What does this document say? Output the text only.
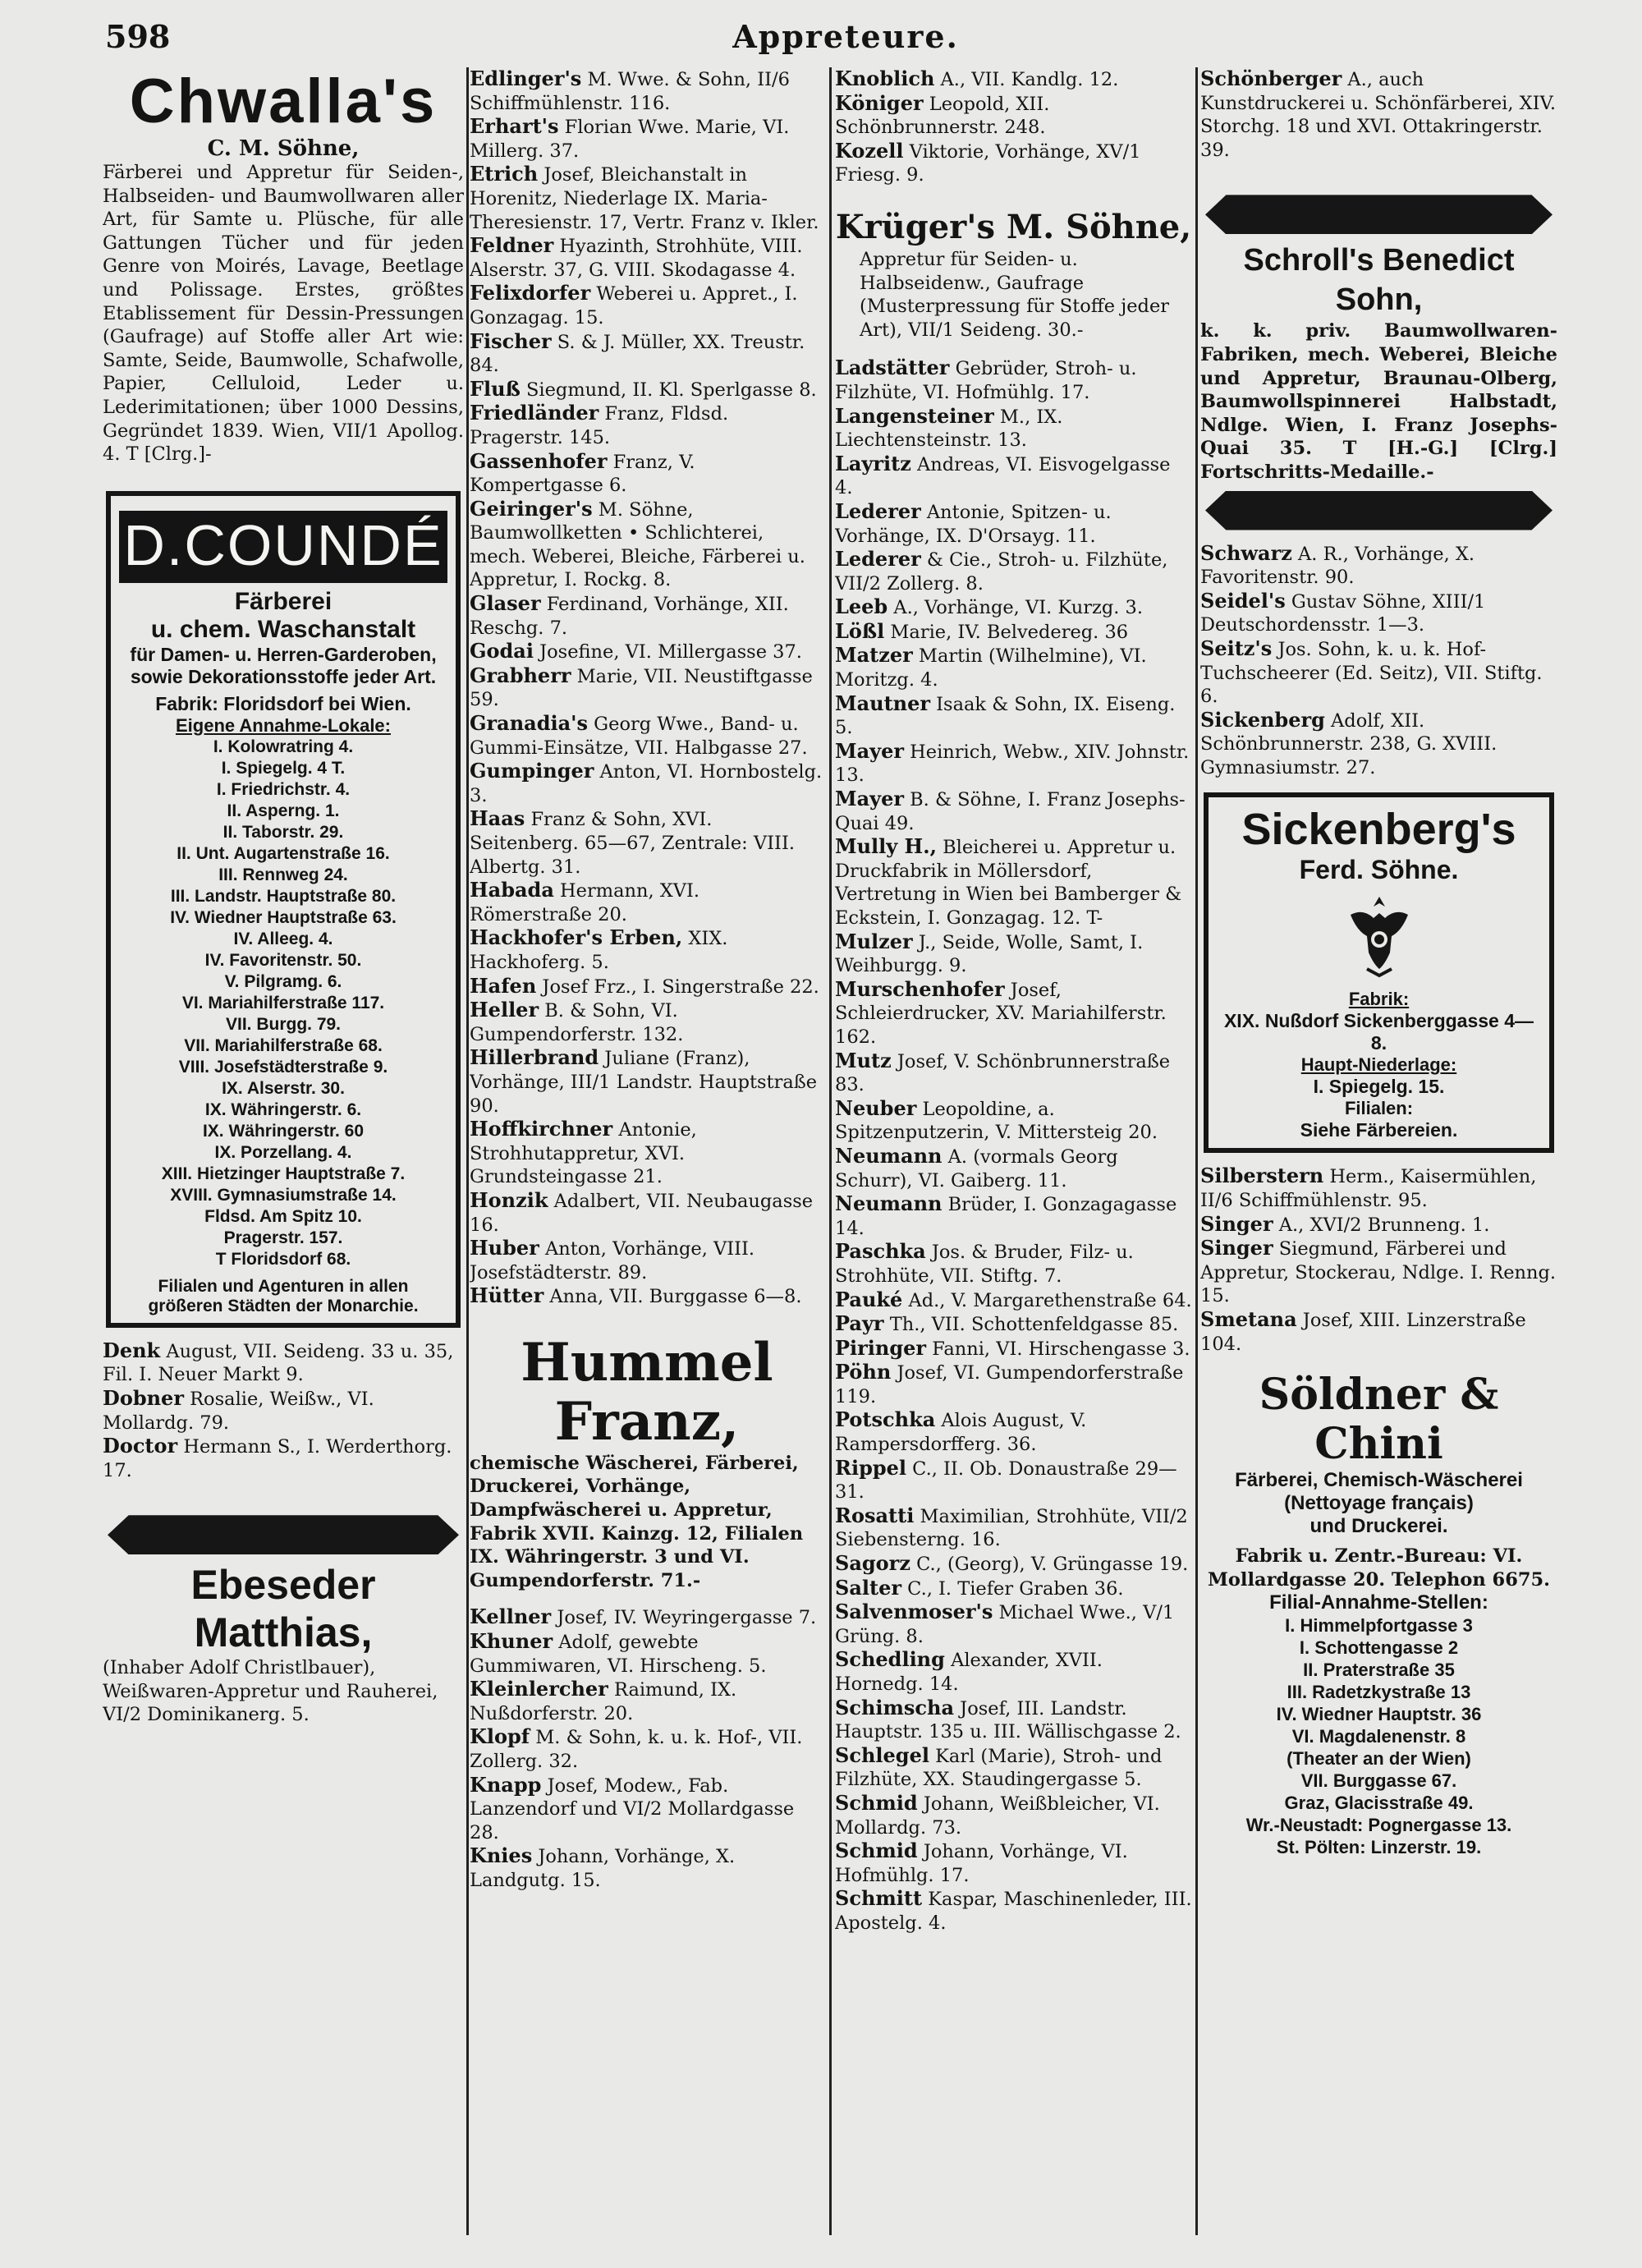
598	Appreteure.
Chwalla's
C. M. Söhne,
Färberei und Appretur für Seiden-, Halbseiden- und Baumwollwaren aller Art, für Samte u. Plüsche, für alle Gattungen Tücher und für jeden Genre von Moirés, Lavage, Beetlage und Polissage. Erstes, größtes Etablissement für Dessin-Pressungen (Gaufrage) auf Stoffe aller Art wie: Samte, Seide, Baumwolle, Schafwolle, Papier, Celluloid, Leder u. Lederimitationen; über 1000 Dessins, Gegründet 1839. Wien, VII/1 Apollog. 4. T [Clrg.]-
D.COUNDÉ
Färberei
u. chem. Waschanstalt
für Damen- u. Herren-Garderoben, sowie Dekorationsstoffe jeder Art.
Fabrik: Floridsdorf bei Wien.
Eigene Annahme-Lokale:
I. Kolowratring 4.
I. Spiegelg. 4 T.
I. Friedrichstr. 4.
II. Asperng. 1.
II. Taborstr. 29.
II. Unt. Augartenstraße 16.
III. Rennweg 24.
III. Landstr. Hauptstraße 80.
IV. Wiedner Hauptstraße 63.
IV. Alleeg. 4.
IV. Favoritenstr. 50.
V. Pilgramg. 6.
VI. Mariahilferstraße 117.
VII. Burgg. 79.
VII. Mariahilferstraße 68.
VIII. Josefstädterstraße 9.
IX. Alserstr. 30.
IX. Währingerstr. 6.
IX. Währingerstr. 60
IX. Porzellang. 4.
XIII. Hietzinger Hauptstraße 7.
XVIII. Gymnasiumstraße 14.
Fldsd. Am Spitz 10.
Pragerstr. 157.
T Floridsdorf 68.
Filialen und Agenturen in allen größeren Städten der Monarchie.

Denk August, VII. Seideng. 33 u. 35, Fil. I. Neuer Markt 9.

Dobner Rosalie, Weißw., VI. Mollardg. 79.

Doctor Hermann S., I. Werderthorg. 17.

Ebeseder Matthias,
(Inhaber Adolf Christlbauer), Weißwaren-Appretur und Rauherei, VI/2 Dominikanerg. 5.

Edlinger's M. Wwe. & Sohn, II/6 Schiffmühlenstr. 116.

Erhart's Florian Wwe. Marie, VI. Millerg. 37.

Etrich Josef, Bleichanstalt in Horenitz, Niederlage IX. Maria-Theresienstr. 17, Vertr. Franz v. Ikler.

Feldner Hyazinth, Strohhüte, VIII. Alserstr. 37, G. VIII. Skodagasse 4.

Felixdorfer Weberei u. Appret., I. Gonzagag. 15.

Fischer S. & J. Müller, XX. Treustr. 84.

Fluß Siegmund, II. Kl. Sperlgasse 8.

Friedländer Franz, Fldsd. Pragerstr. 145.

Gassenhofer Franz, V. Kompertgasse 6.

Geiringer's M. Söhne, Baumwollketten • Schlichterei, mech. Weberei, Bleiche, Färberei u. Appretur, I. Rockg. 8.

Glaser Ferdinand, Vorhänge, XII. Reschg. 7.

Godai Josefine, VI. Millergasse 37.

Grabherr Marie, VII. Neustiftgasse 59.

Granadia's Georg Wwe., Band- u. Gummi-Einsätze, VII. Halbgasse 27.

Gumpinger Anton, VI. Hornbostelg. 3.

Haas Franz & Sohn, XVI. Seitenberg. 65—67, Zentrale: VIII. Albertg. 31.

Habada Hermann, XVI. Römerstraße 20.

Hackhofer's Erben, XIX. Hackhoferg. 5.

Hafen Josef Frz., I. Singerstraße 22.

Heller B. & Sohn, VI. Gumpendorferstr. 132.

Hillerbrand Juliane (Franz), Vorhänge, III/1 Landstr. Hauptstraße 90.

Hoffkirchner Antonie, Strohhutappretur, XVI. Grundsteingasse 21.

Honzik Adalbert, VII. Neubaugasse 16.

Huber Anton, Vorhänge, VIII. Josefstädterstr. 89.

Hütter Anna, VII. Burggasse 6—8.

Hummel Franz,
chemische Wäscherei, Färberei, Druckerei, Vorhänge, Dampfwäscherei u. Appretur, Fabrik XVII. Kainzg. 12, Filialen IX. Währingerstr. 3 und VI. Gumpendorferstr. 71.-

Kellner Josef, IV. Weyringergasse 7.

Khuner Adolf, gewebte Gummiwaren, VI. Hirscheng. 5.

Kleinlercher Raimund, IX. Nußdorferstr. 20.

Klopf M. & Sohn, k. u. k. Hof-, VII. Zollerg. 32.

Knapp Josef, Modew., Fab. Lanzendorf und VI/2 Mollardgasse 28.

Knies Johann, Vorhänge, X. Landgutg. 15.

Knoblich A., VII. Kandlg. 12.

Königer Leopold, XII. Schönbrunnerstr. 248.

Kozell Viktorie, Vorhänge, XV/1 Friesg. 9.

Krüger's M. Söhne,
Appretur für Seiden- u. Halbseidenw., Gaufrage (Musterpressung für Stoffe jeder Art), VII/1 Seideng. 30.-

Ladstätter Gebrüder, Stroh- u. Filzhüte, VI. Hofmühlg. 17.

Langensteiner M., IX. Liechtensteinstr. 13.

Layritz Andreas, VI. Eisvogelgasse 4.

Lederer Antonie, Spitzen- u. Vorhänge, IX. D'Orsayg. 11.

Lederer & Cie., Stroh- u. Filzhüte, VII/2 Zollerg. 8.

Leeb A., Vorhänge, VI. Kurzg. 3.

Lößl Marie, IV. Belvedereg. 36

Matzer Martin (Wilhelmine), VI. Moritzg. 4.

Mautner Isaak & Sohn, IX. Eiseng. 5.

Mayer Heinrich, Webw., XIV. Johnstr. 13.

Mayer B. & Söhne, I. Franz Josephs-Quai 49.

Mully H., Bleicherei u. Appretur u. Druckfabrik in Möllersdorf, Vertretung in Wien bei Bamberger & Eckstein, I. Gonzagag. 12. T-

Mulzer J., Seide, Wolle, Samt, I. Weihburgg. 9.

Murschenhofer Josef, Schleierdrucker, XV. Mariahilferstr. 162.

Mutz Josef, V. Schönbrunnerstraße 83.

Neuber Leopoldine, a. Spitzenputzerin, V. Mittersteig 20.

Neumann A. (vormals Georg Schurr), VI. Gaiberg. 11.

Neumann Brüder, I. Gonzagagasse 14.

Paschka Jos. & Bruder, Filz- u. Strohhüte, VII. Stiftg. 7.

Pauké Ad., V. Margarethenstraße 64.

Payr Th., VII. Schottenfeldgasse 85.

Piringer Fanni, VI. Hirschengasse 3.

Pöhn Josef, VI. Gumpendorferstraße 119.

Potschka Alois August, V. Rampersdorfferg. 36.

Rippel C., II. Ob. Donaustraße 29—31.

Rosatti Maximilian, Strohhüte, VII/2 Siebensterng. 16.

Sagorz C., (Georg), V. Grüngasse 19.

Salter C., I. Tiefer Graben 36.

Salvenmoser's Michael Wwe., V/1 Grüng. 8.

Schedling Alexander, XVII. Hornedg. 14.

Schimscha Josef, III. Landstr. Hauptstr. 135 u. III. Wällischgasse 2.

Schlegel Karl (Marie), Stroh- und Filzhüte, XX. Staudingergasse 5.

Schmid Johann, Weißbleicher, VI. Mollardg. 73.

Schmid Johann, Vorhänge, VI. Hofmühlg. 17.

Schmitt Kaspar, Maschinenleder, III. Apostelg. 4.

Schönberger A., auch Kunstdruckerei u. Schönfärberei, XIV. Storchg. 18 und XVI. Ottakringerstr. 39.

Schroll's Benedict Sohn,
k. k. priv. Baumwollwaren-Fabriken, mech. Weberei, Bleiche und Appretur, Braunau-Olberg, Baumwollspinnerei Halbstadt, Ndlge. Wien, I. Franz Josephs-Quai 35. T [H.-G.] [Clrg.] Fortschritts-Medaille.-

Schwarz A. R., Vorhänge, X. Favoritenstr. 90.

Seidel's Gustav Söhne, XIII/1 Deutschordensstr. 1—3.

Seitz's Jos. Sohn, k. u. k. Hof-Tuchscheerer (Ed. Seitz), VII. Stiftg. 6.

Sickenberg Adolf, XII. Schönbrunnerstr. 238, G. XVIII. Gymnasiumstr. 27.

Sickenberg's
Ferd. Söhne.
Fabrik:
XIX. Nußdorf Sickenberggasse 4—8.
Haupt-Niederlage:
I. Spiegelg. 15.
Filialen:
Siehe Färbereien.

Silberstern Herm., Kaisermühlen, II/6 Schiffmühlenstr. 95.

Singer A., XVI/2 Brunneng. 1.

Singer Siegmund, Färberei und Appretur, Stockerau, Ndlge. I. Renng. 15.

Smetana Josef, XIII. Linzerstraße 104.

Söldner & Chini
Färberei, Chemisch-Wäscherei
(Nettoyage français)
und Druckerei.
Fabrik u. Zentr.-Bureau: VI. Mollardgasse 20. Telephon 6675.
Filial-Annahme-Stellen:
I. Himmelpfortgasse 3
I. Schottengasse 2
II. Praterstraße 35
III. Radetzkystraße 13
IV. Wiedner Hauptstr. 36
VI. Magdalenenstr. 8
(Theater an der Wien)
VII. Burggasse 67.
Graz, Glacisstraße 49.
Wr.-Neustadt: Pognergasse 13.
St. Pölten: Linzerstr. 19.
